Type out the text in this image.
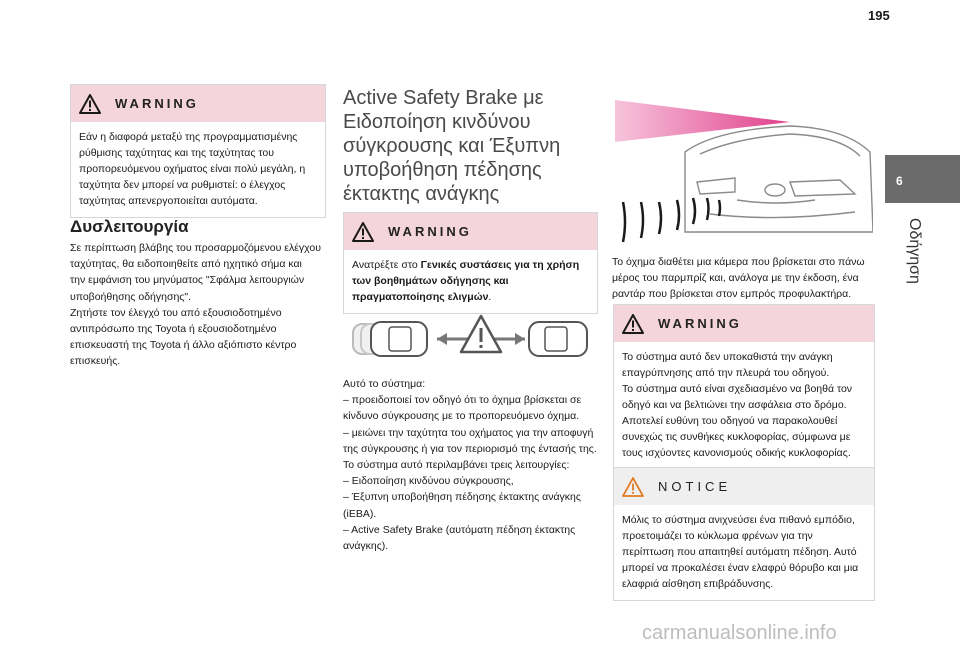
195
6
Οδήγηση
WARNING
Εάν η διαφορά μεταξύ της προγραμματισμένης ρύθμισης ταχύτητας και της ταχύτητας του προπορευόμενου οχήματος είναι πολύ μεγάλη, η ταχύτητα δεν μπορεί να ρυθμιστεί: ο έλεγχος ταχύτητας απενεργοποιείται αυτόματα.
Δυσλειτουργία
Σε περίπτωση βλάβης του προσαρμοζόμενου ελέγχου
ταχύτητας, θα ειδοποιηθείτε από ηχητικό σήμα και
την εμφάνιση του μηνύματος "Σφάλμα λειτουργιών
υποβοήθησης οδήγησης".
Ζητήστε τον έλεγχό του από εξουσιοδοτημένο
αντιπρόσωπο της Toyota ή εξουσιοδοτημένο
επισκευαστή της Toyota ή άλλο αξιόπιστο κέντρο
επισκευής.
Active Safety Brake με
Ειδοποίηση κινδύνου
σύγκρουσης και Έξυπνη
υποβοήθηση πέδησης
έκτακτης ανάγκης
WARNING
Ανατρέξτε στο Γενικές συστάσεις για τη χρήση των βοηθημάτων οδήγησης και πραγματοποίησης ελιγμών.
Αυτό το σύστημα:
– προειδοποιεί τον οδηγό ότι το όχημα βρίσκεται σε
κίνδυνο σύγκρουσης με το προπορευόμενο όχημα.
– μειώνει την ταχύτητα του οχήματος για την αποφυγή
της σύγκρουσης ή για τον περιορισμό της έντασής της.
Το σύστημα αυτό περιλαμβάνει τρεις λειτουργίες:
– Ειδοποίηση κινδύνου σύγκρουσης,
– Έξυπνη υποβοήθηση πέδησης έκτακτης ανάγκης
(iEBA).
– Active Safety Brake (αυτόματη πέδηση έκτακτης
ανάγκης).
Το όχημα διαθέτει μια κάμερα που βρίσκεται στο πάνω
μέρος του παρμπρίζ και, ανάλογα με την έκδοση, ένα
ραντάρ που βρίσκεται στον εμπρός προφυλακτήρα.
WARNING
Το σύστημα αυτό δεν υποκαθιστά την ανάγκη
επαγρύπνησης από την πλευρά του οδηγού.
Το σύστημα αυτό είναι σχεδιασμένο να βοηθά τον
οδηγό και να βελτιώνει την ασφάλεια στο δρόμο.
Αποτελεί ευθύνη του οδηγού να παρακολουθεί
συνεχώς τις συνθήκες κυκλοφορίας, σύμφωνα με
τους ισχύοντες κανονισμούς οδικής κυκλοφορίας.
NOTICE
Μόλις το σύστημα ανιχνεύσει ένα πιθανό εμπόδιο,
προετοιμάζει το κύκλωμα φρένων για την
περίπτωση που απαιτηθεί αυτόματη πέδηση. Αυτό
μπορεί να προκαλέσει έναν ελαφρύ θόρυβο και μια
ελαφριά αίσθηση επιβράδυνσης.
carmanualsonline.info
